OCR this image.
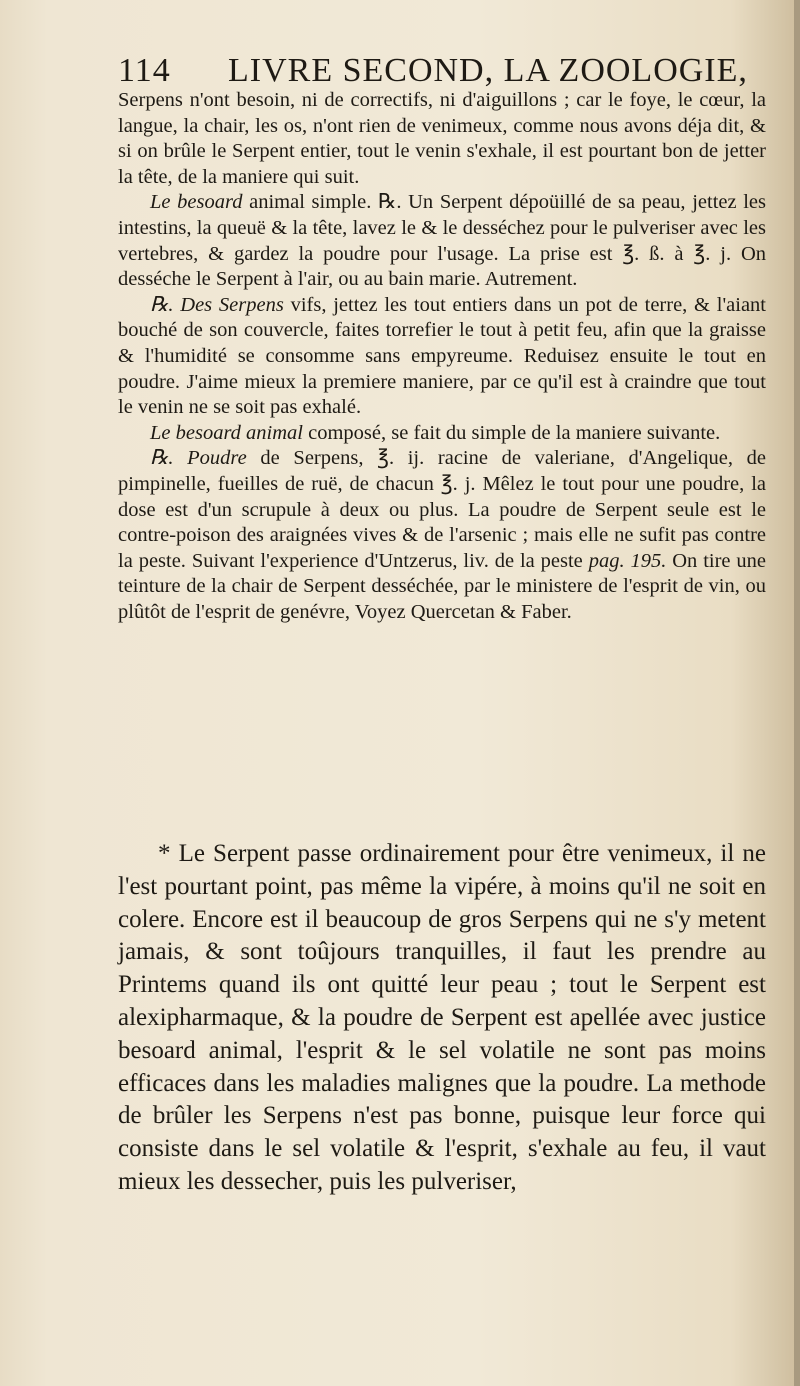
114 LIVRE SECOND, LA ZOOLOGIE,

Serpens n'ont besoin, ni de correctifs, ni d'aiguillons ; car le foye, le cœur, la langue, la chair, les os, n'ont rien de venimeux, comme nous avons déja dit, & si on brûle le Serpent entier, tout le venin s'exhale, il est pourtant bon de jetter la tête, de la maniere qui suit.

Le besoard animal simple. ℞. Un Serpent dépoüillé de sa peau, jettez les intestins, la queuë & la tête, lavez le & le desséchez pour le pulveriser avec les vertebres, & gardez la poudre pour l'usage. La prise est ℥. ß. à ℥. j. On desséche le Serpent à l'air, ou au bain marie. Autrement.

℞. Des Serpens vifs, jettez les tout entiers dans un pot de terre, & l'aiant bouché de son couvercle, faites torrefier le tout à petit feu, afin que la graisse & l'humidité se consomme sans empyreume. Reduisez ensuite le tout en poudre. J'aime mieux la premiere maniere, par ce qu'il est à craindre que tout le venin ne se soit pas exhalé.

Le besoard animal composé, se fait du simple de la maniere suivante.

℞. Poudre de Serpens, ℥. ij. racine de valeriane, d'Angelique, de pimpinelle, fueilles de ruë, de chacun ℥. j. Mêlez le tout pour une poudre, la dose est d'un scrupule à deux ou plus. La poudre de Serpent seule est le contre-poison des araignées vives & de l'arsenic ; mais elle ne sufit pas contre la peste. Suivant l'experience d'Untzerus, liv. de la peste pag. 195. On tire une teinture de la chair de Serpent desséchée, par le ministere de l'esprit de vin, ou plûtôt de l'esprit de genévre, Voyez Quercetan & Faber.

* Le Serpent passe ordinairement pour être venimeux, il ne l'est pourtant point, pas même la vipére, à moins qu'il ne soit en colere. Encore est il beaucoup de gros Serpens qui ne s'y metent jamais, & sont toûjours tranquilles, il faut les prendre au Printems quand ils ont quitté leur peau ; tout le Serpent est alexipharmaque, & la poudre de Serpent est apellée avec justice besoard animal, l'esprit & le sel volatile ne sont pas moins efficaces dans les maladies malignes que la poudre. La methode de brûler les Serpens n'est pas bonne, puisque leur force qui consiste dans le sel volatile & l'esprit, s'exhale au feu, il vaut mieux les dessecher, puis les pulveriser,
